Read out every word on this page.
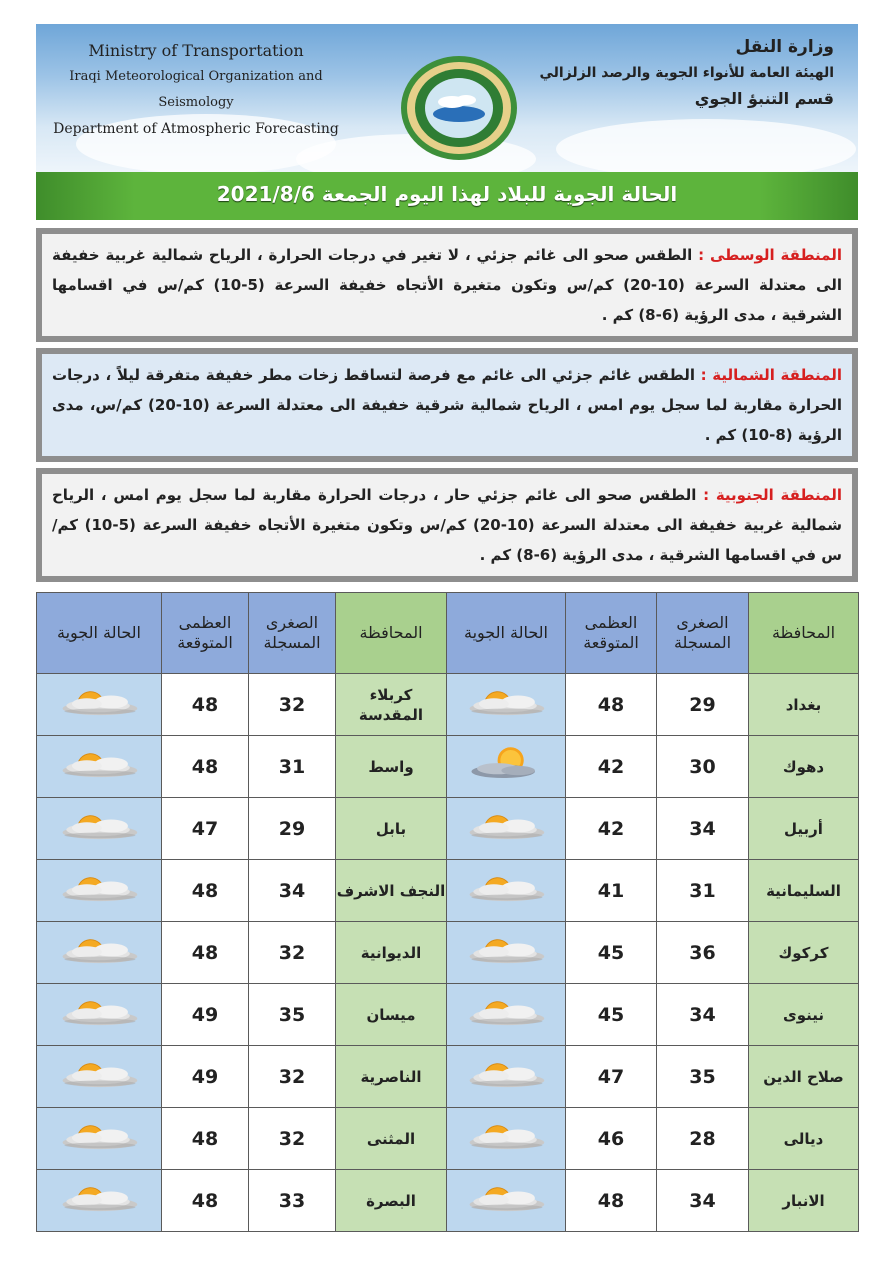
Ministry of Transportation
Iraqi Meteorological Organization and Seismology
Department of Atmospheric Forecasting
وزارة النقل
الهيئة العامة للأنواء الجوية والرصد الزلزالي
قسم التنبؤ الجوي
الحالة الجوية للبلاد لهذا اليوم الجمعة 2021/8/6
المنطقة الوسطى : الطقس صحو الى غائم جزئي ، لا تغير في درجات الحرارة ، الرياح شمالية غربية خفيفة الى معتدلة السرعة (10-20) كم/س وتكون متغيرة الأتجاه خفيفة السرعة (5-10) كم/س في اقسامها الشرقية ، مدى الرؤية (6-8) كم .
المنطقة الشمالية : الطقس غائم جزئي الى غائم مع فرصة لتساقط زخات مطر خفيفة متفرقة ليلاً ، درجات الحرارة مقاربة لما سجل يوم امس ، الرياح شمالية شرقية خفيفة الى معتدلة السرعة (10-20) كم/س، مدى الرؤية (8-10) كم .
المنطقة الجنوبية : الطقس صحو الى غائم جزئي حار ، درجات الحرارة مقاربة لما سجل يوم امس ، الرياح شمالية غربية خفيفة الى معتدلة السرعة (10-20) كم/س وتكون متغيرة الأتجاه خفيفة السرعة (5-10) كم/س في اقسامها الشرقية ، مدى الرؤية (6-8) كم .
المحافظة	الصغرى المسجلة	العظمى المتوقعة	الحالة الجوية	المحافظة	الصغرى المسجلة	العظمى المتوقعة	الحالة الجوية
بغداد	29	48		كربلاء المقدسة	32	48	
دهوك	30	42		واسط	31	48	
أربيل	34	42		بابل	29	47	
السليمانية	31	41		النجف الاشرف	34	48	
كركوك	36	45		الديوانية	32	48	
نينوى	34	45		ميسان	35	49	
صلاح الدين	35	47		الناصرية	32	49	
ديالى	28	46		المثنى	32	48	
الانبار	34	48		البصرة	33	48	
